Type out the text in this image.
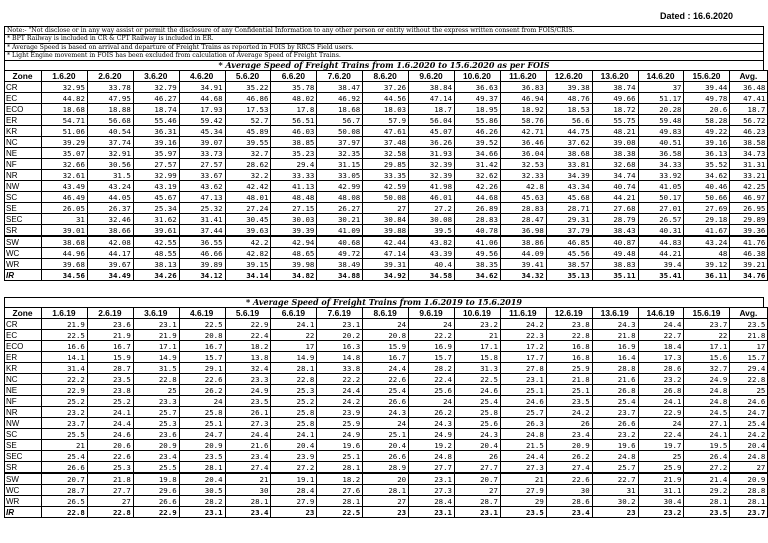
Dated : 16.6.2020
Note:- "Not disclose or in any way assist or permit the disclosure of any Confidential Information to any other person or entity without the express written consent from FOIS/CRIS.
* BPT Railway is included in CR & CPT Railway is included in ER.
* Average Speed is based on arrival and departure of Freight Trains as reported in FOIS by RRCS Field users.
* Light Engine movement in FOIS has been excluded from calculation of Average Speed of Freight Trains.
* Average Speed of Freight Trains from 1.6.2020 to 15.6.2020 as per FOIS
Zone	1.6.20	2.6.20	3.6.20	4.6.20	5.6.20	6.6.20	7.6.20	8.6.20	9.6.20	10.6.20	11.6.20	12.6.20	13.6.20	14.6.20	15.6.20	Avg.
CR	32.95	33.78	32.79	34.91	35.22	35.78	38.47	37.26	38.84	36.63	36.83	39.38	38.74	37	39.44	36.48
EC	44.82	47.95	46.27	44.68	46.86	48.02	46.92	44.56	47.14	49.37	46.94	48.76	49.66	51.17	49.78	47.41
ECO	18.68	18.88	18.74	17.93	17.53	17.8	18.68	18.03	18.7	18.95	18.92	18.53	18.72	20.28	20.6	18.7
ER	54.71	56.68	55.46	59.42	52.7	56.51	56.7	57.9	56.04	55.86	58.76	56.6	55.75	59.48	58.28	56.72
KR	51.06	40.54	36.31	45.34	45.89	46.03	50.08	47.61	45.07	46.26	42.71	44.75	48.21	49.83	49.22	46.23
NC	39.29	37.74	39.16	39.07	39.55	38.85	37.97	37.48	36.26	39.52	36.46	37.62	39.08	40.51	39.16	38.58
NE	35.07	32.91	35.97	33.73	32.7	35.23	32.35	32.58	31.93	34.66	36.04	38.68	38.38	36.58	36.13	34.73
NF	32.66	30.56	27.57	27.57	28.62	29.4	31.15	29.85	32.39	31.42	32.53	33.81	32.68	34.33	35.52	31.31
NR	32.61	31.5	32.99	33.67	32.2	33.33	33.05	33.35	32.39	32.62	32.33	34.39	34.74	33.92	34.62	33.21
NW	43.49	43.24	43.19	43.62	42.42	41.13	42.99	42.59	41.98	42.26	42.8	43.34	40.74	41.05	40.46	42.25
SC	46.49	44.05	45.67	47.13	48.01	48.48	48.08	50.08	46.01	44.68	45.63	45.68	44.21	50.17	50.66	46.97
SE	26.05	26.37	25.34	25.32	27.24	27.15	26.27	27	27.2	26.89	28.83	28.71	27.68	27.01	27.69	26.95
SEC	31	32.46	31.62	31.41	30.45	30.03	30.21	30.84	30.08	28.83	28.47	29.31	28.79	26.57	29.18	29.89
SR	39.01	38.66	39.61	37.44	39.63	39.39	41.09	39.88	39.5	40.78	36.98	37.79	38.43	40.31	41.67	39.36
SW	38.68	42.08	42.55	36.55	42.2	42.94	40.68	42.44	43.82	41.06	38.86	46.85	40.87	44.83	43.24	41.76
WC	44.96	44.17	48.55	46.66	42.82	48.65	49.72	47.14	43.39	49.56	44.09	45.56	49.48	44.21	48	46.38
WR	39.68	39.67	38.13	39.89	39.15	39.98	38.49	39.31	40.4	38.35	39.41	38.57	38.83	39.4	39.12	39.21
IR	34.56	34.49	34.26	34.12	34.14	34.82	34.88	34.92	34.58	34.62	34.32	35.13	35.11	35.41	36.11	34.76
* Average Speed of Freight Trains from 1.6.2019 to 15.6.2019
Zone	1.6.19	2.6.19	3.6.19	4.6.19	5.6.19	6.6.19	7.6.19	8.6.19	9.6.19	10.6.19	11.6.19	12.6.19	13.6.19	14.6.19	15.6.19	Avg.
CR	21.9	23.6	23.1	22.5	22.9	24.1	23.1	24	24	23.2	24.2	23.8	24.3	24.4	23.7	23.5
EC	22.5	21.9	21.9	20.8	22.4	22	20.2	20.8	22.2	21	22.3	22.8	21.8	22.7	22	21.8
ECO	16.6	16.7	17.1	16.7	18.2	17	16.3	15.9	16.9	17.1	17.2	16.8	16.9	18.4	17.1	17
ER	14.1	15.9	14.9	15.7	13.8	14.9	14.8	16.7	15.7	15.8	17.7	16.8	16.4	17.3	15.6	15.7
KR	31.4	28.7	31.5	29.1	32.4	28.1	33.8	24.4	28.2	31.3	27.8	25.9	28.8	28.6	32.7	29.4
NC	22.2	23.5	22.8	22.6	23.3	22.8	22.2	22.6	22.4	22.5	23.1	21.8	21.6	23.2	24.9	22.8
NE	22.9	23.8	25	26.2	24.9	25.3	24.4	25.4	25.6	24.6	25.1	25.1	26.8	26.8	24.8	25
NF	25.2	25.2	23.3	24	23.5	25.2	24.2	26.6	24	25.4	24.6	23.5	25.4	24.1	24.8	24.6
NR	23.2	24.1	25.7	25.8	26.1	25.8	23.9	24.3	26.2	25.8	25.7	24.2	23.7	22.9	24.5	24.7
NW	23.7	24.4	25.3	25.1	27.3	25.8	25.9	24	24.3	25.6	26.3	26	26.6	24	27.1	25.4
SC	25.5	24.6	23.6	24.7	24.4	24.1	24.9	25.1	24.9	24.3	24.8	23.4	23.2	22.4	24.1	24.2
SE	21	20.6	20.9	20.9	21.6	20.4	19.6	20.4	19.2	20.4	21.5	20.9	19.6	19.7	19.5	20.4
SEC	25.4	22.6	23.4	23.5	23.4	23.9	25.1	26.6	24.8	26	24.4	26.2	24.8	25	26.4	24.8
SR	26.6	25.3	25.5	28.1	27.4	27.2	28.1	28.9	27.7	27.7	27.3	27.4	25.7	25.9	27.2	27
SW	20.7	21.8	19.8	20.4	21	19.1	18.2	20	23.1	20.7	21	22.6	22.7	21.9	21.4	20.9
WC	28.7	27.7	29.6	30.5	30	28.4	27.6	28.1	27.3	27	27.9	30	31	31.1	29.2	28.8
WR	26.5	27	26.6	28.2	28.1	27.9	28.1	27	28.4	28.7	29	28.6	30.2	30.4	28.1	28.1
IR	22.8	22.8	22.9	23.1	23.4	23	22.5	23	23.1	23.1	23.5	23.4	23	23.2	23.5	23.7
